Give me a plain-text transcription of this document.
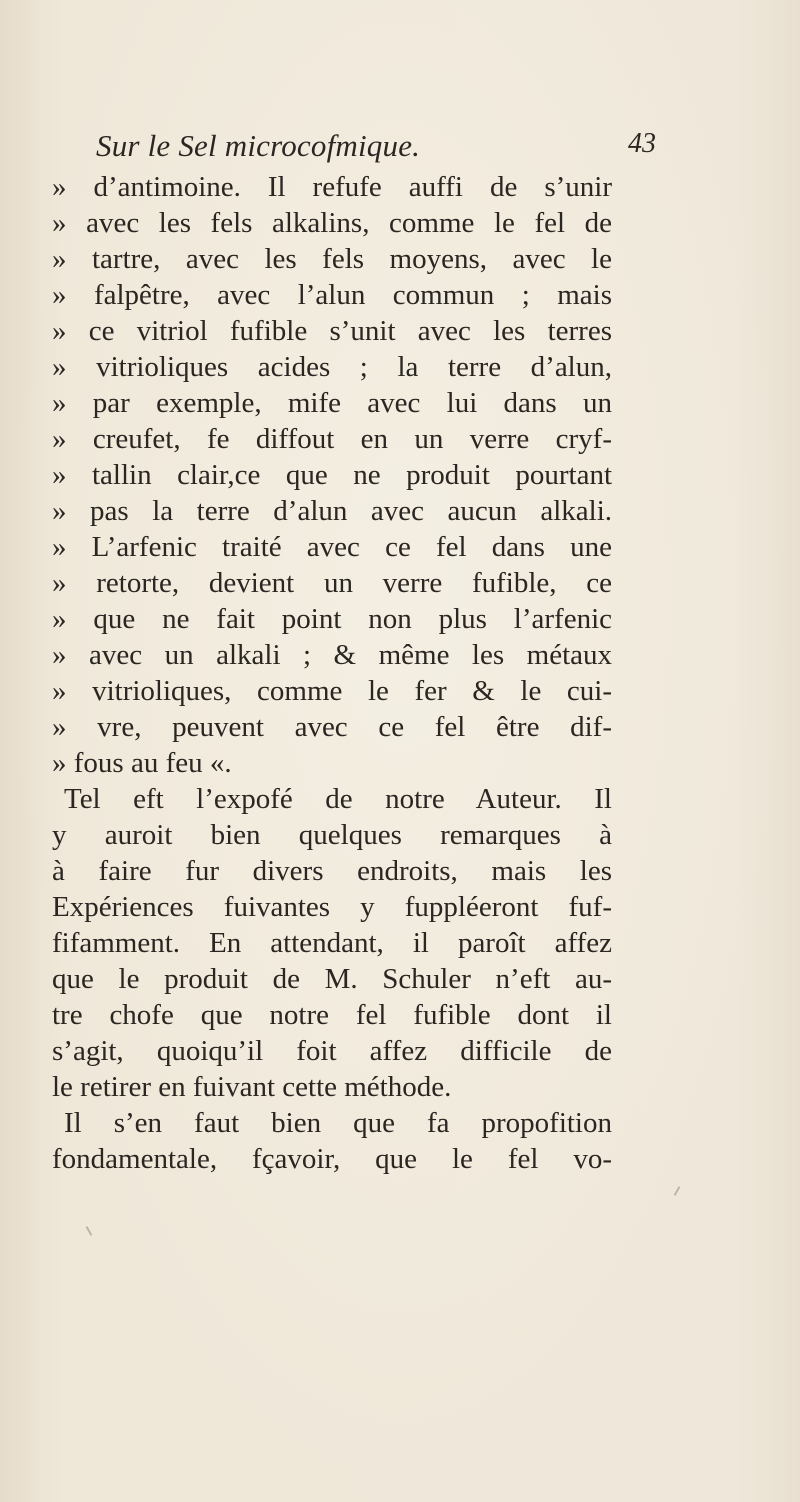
Sur le Sel microcofmique.	43
» d’antimoine. Il refufe auffi de s’unir
» avec les fels alkalins, comme le fel de
» tartre, avec les fels moyens, avec le
» falpêtre, avec l’alun commun ; mais
» ce vitriol fufible s’unit avec les terres
» vitrioliques acides ; la terre d’alun,
» par exemple, mife avec lui dans un
» creufet, fe diffout en un verre cryf-
» tallin clair,ce que ne produit pourtant
» pas la terre d’alun avec aucun alkali.
» L’arfenic traité avec ce fel dans une
» retorte, devient un verre fufible, ce
» que ne fait point non plus l’arfenic
» avec un alkali ; & même les métaux
» vitrioliques, comme le fer & le cui-
» vre, peuvent avec ce fel être dif-
» fous au feu «.
Tel eft l’expofé de notre Auteur. Il
y auroit bien quelques remarques à
à faire fur divers endroits, mais les
Expériences fuivantes y fuppléeront fuf-
fifamment. En attendant, il paroît affez
que le produit de M. Schuler n’eft au-
tre chofe que notre fel fufible dont il
s’agit, quoiqu’il foit affez difficile de
le retirer en fuivant cette méthode.
Il s’en faut bien que fa propofition
fondamentale, fçavoir, que le fel vo-
